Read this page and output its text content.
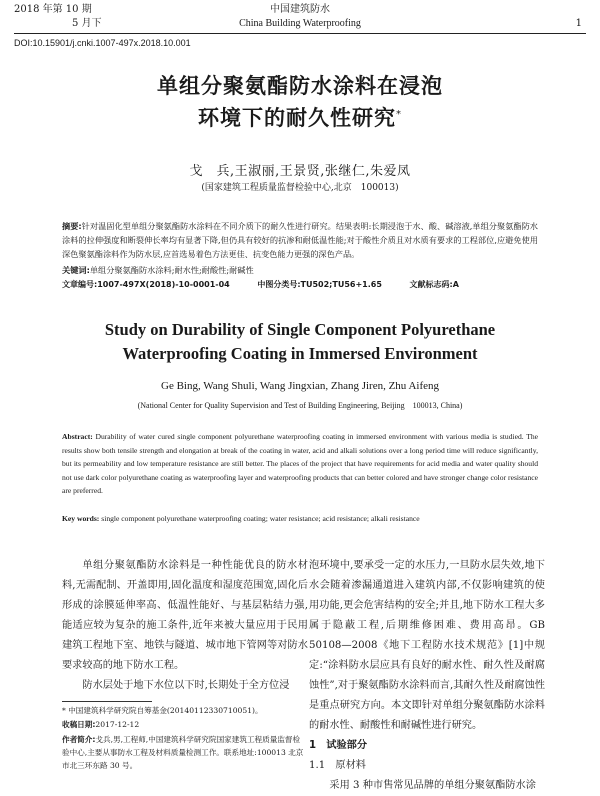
2018 年第 10 期
5 月下
中国建筑防水
China Building Waterproofing	1
DOI:10.15901/j.cnki.1007-497x.2018.10.001
单组分聚氨酯防水涂料在浸泡
环境下的耐久性研究*
戈　兵,王淑丽,王景贤,张继仁,朱爱凤
(国家建筑工程质量监督检验中心,北京　100013)
摘要:针对温固化型单组分聚氨酯防水涂料在不同介质下的耐久性进行研究。结果表明:长期浸泡于水、酸、碱溶液,单组分聚氨酯防水涂料的拉伸强度和断裂伸长率均有显著下降,但仍具有较好的抗渗和耐低温性能;对于酸性介质且对水质有要求的工程部位,应避免使用深色聚氨酯涂料作为防水层,应首选易着色方法更佳、抗变色能力更强的深色产品。
关键词:单组分聚氨酯防水涂料;耐水性;耐酸性;耐碱性
文章编号:1007-497X(2018)-10-0001-04	中图分类号:TU502;TU56+1.65	文献标志码:A
Study on Durability of Single Component Polyurethane
Waterproofing Coating in Immersed Environment
Ge Bing, Wang Shuli, Wang Jingxian, Zhang Jiren, Zhu Aifeng
(National Center for Quality Supervision and Test of Building Engineering, Beijing　100013, China)
Abstract: Durability of water cured single component polyurethane waterproofing coating in immersed environment with various media is studied. The results show both tensile strength and elongation at break of the coating in water, acid and alkali solutions over a long period time will reduce significantly, but its permeability and low temperature resistance are still better. The places of the project that have requirements for acid media and water quality should not use dark color polyurethane coating as waterproofing layer and waterproofing products that can better colored and have stronger change color resistance are preferred.
Key words: single component polyurethane waterproofing coating; water resistance; acid resistance; alkali resistance

单组分聚氨酯防水涂料是一种性能优良的防水材料,无需配制、开盖即用,固化温度和湿度范围宽,固化后形成的涂膜延伸率高、低温性能好、与基层粘结力强,能适应较为复杂的施工条件,近年来被大量应用于民用建筑工程地下室、地铁与隧道、城市地下管网等对防水要求较高的地下防水工程。

防水层处于地下水位以下时,长期处于全方位浸

泡环境中,要承受一定的水压力,一旦防水层失效,地下水会随着渗漏通道进入建筑内部,不仅影响建筑的使用功能,更会危害结构的安全;并且,地下防水工程大多属于隐蔽工程,后期维修困难、费用高昂。GB 50108—2008《地下工程防水技术规范》[1]中规定:“涂料防水层应具有良好的耐水性、耐久性及耐腐蚀性”,对于聚氨酯防水涂料而言,其耐久性及耐腐蚀性是重点研究方向。本文即针对单组分聚氨酯防水涂料的耐水性、耐酸性和耐碱性进行研究。

1　试验部分
1.1　原材料

采用 3 种市售常见品牌的单组分聚氨酯防水涂

* 中国建筑科学研究院自筹基金(20140112330710051)。
收稿日期:2017-12-12
作者简介:戈兵,男,工程师,中国建筑科学研究院国家建筑工程质量监督检验中心,主要从事防水工程及材料质量检测工作。联系地址:100013 北京市北三环东路 30 号。
